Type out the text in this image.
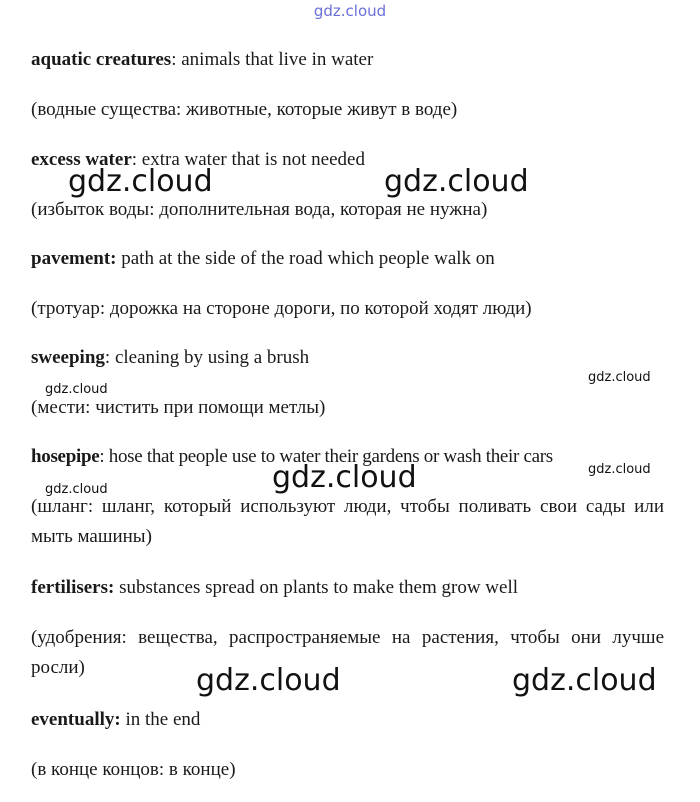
gdz.cloud
aquatic creatures: animals that live in water
(водные существа: животные, которые живут в воде)
excess water: extra water that is not needed
(избыток воды: дополнительная вода, которая не нужна)
pavement: path at the side of the road which people walk on
(тротуар: дорожка на стороне дороги, по которой ходят люди)
sweeping: cleaning by using a brush
(мести: чистить при помощи метлы)
hosepipe: hose that people use to water their gardens or wash their cars
(шланг: шланг, который используют люди, чтобы поливать свои сады или мыть машины)
fertilisers: substances spread on plants to make them grow well
(удобрения: вещества, распространяемые на растения, чтобы они лучше росли)
eventually: in the end
(в конце концов: в конце)
gdz.cloud	gdz.cloud
gdz.cloud
gdz.cloud
gdz.cloud	gdz.cloud
gdz.cloud
gdz.cloud	gdz.cloud
